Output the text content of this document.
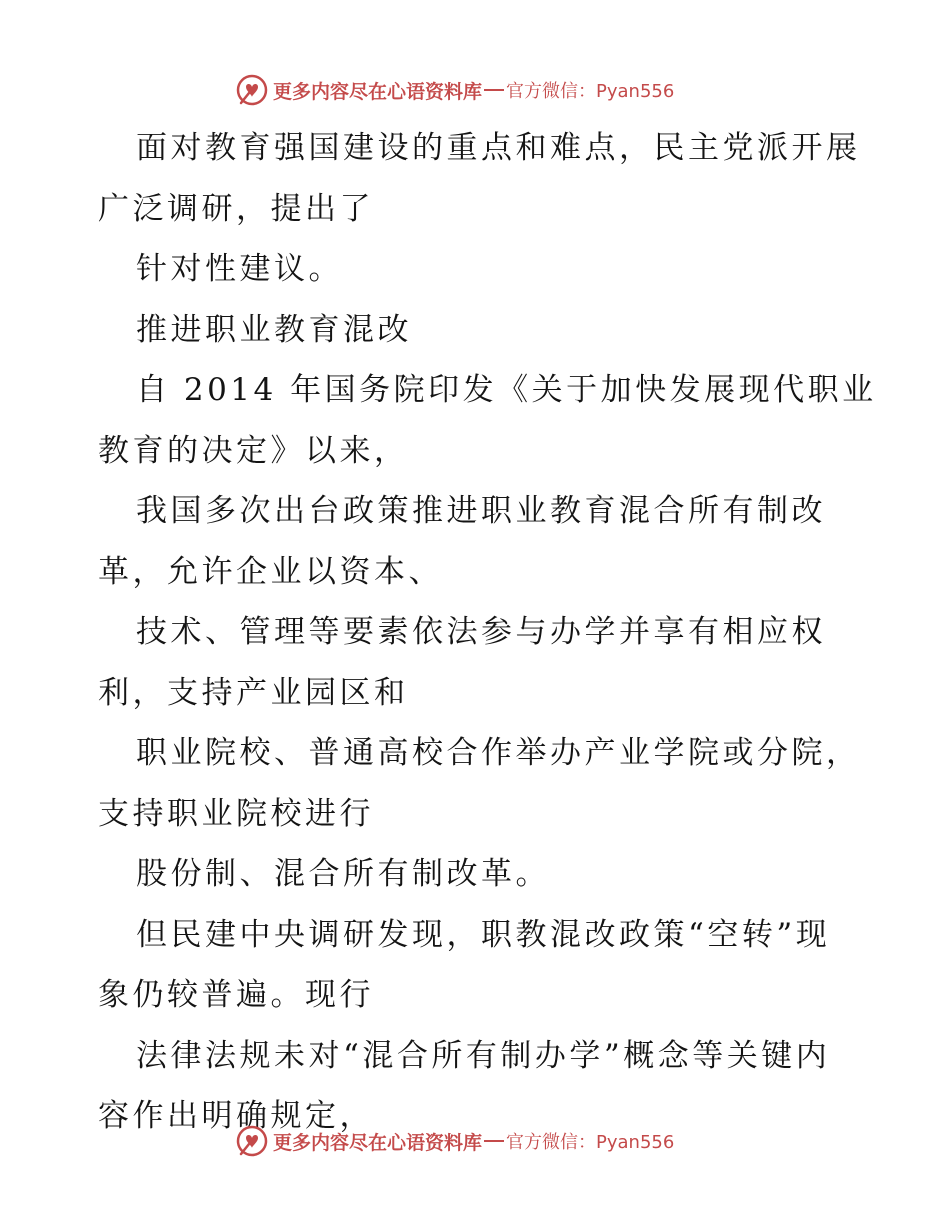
更多内容尽在心语资料库 官方微信：Pyan556
面对教育强国建设的重点和难点，民主党派开展
广泛调研，提出了
针对性建议。
推进职业教育混改
自 2014 年国务院印发《关于加快发展现代职业
教育的决定》以来，
我国多次出台政策推进职业教育混合所有制改
革，允许企业以资本、
技术、管理等要素依法参与办学并享有相应权
利，支持产业园区和
职业院校、普通高校合作举办产业学院或分院，
支持职业院校进行
股份制、混合所有制改革。
但民建中央调研发现，职教混改政策“空转”现
象仍较普遍。现行
法律法规未对“混合所有制办学”概念等关键内
容作出明确规定，
更多内容尽在心语资料库 官方微信：Pyan556
